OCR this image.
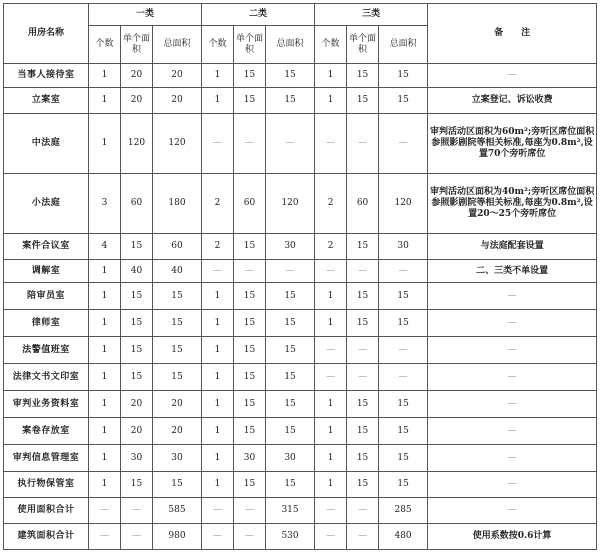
用房名称	一类			二类			三类			备　　注
	个数	单个面积	总面积	个数	单个面积	总面积	个数	单个面积	总面积	
当事人接待室	1	20	20	1	15	15	1	15	15	—
立案室	1	20	20	1	15	15	1	15	15	立案登记、诉讼收费
中法庭	1	120	120	—	—	—	—	—	—	审判活动区面积为60m²;旁听区席位面积参照影剧院等相关标准,每座为0.8m²,设置70个旁听席位
小法庭	3	60	180	2	60	120	2	60	120	审判活动区面积为40m²;旁听区席位面积参照影剧院等相关标准,每座为0.8m²,设置20～25个旁听席位
案件合议室	4	15	60	2	15	30	2	15	30	与法庭配套设置
调解室	1	40	40	—	—	—	—	—	—	二、三类不单设置
陪审员室	1	15	15	1	15	15	1	15	15	—
律师室	1	15	15	1	15	15	1	15	15	—
法警值班室	1	15	15	1	15	15	—	—	—	—
法律文书文印室	1	15	15	1	15	15	—	—	—	—
审判业务资料室	1	20	20	1	15	15	1	15	15	—
案卷存放室	1	20	20	1	15	15	1	15	15	—
审判信息管理室	1	30	30	1	30	30	1	15	15	—
执行物保管室	1	15	15	1	15	15	1	15	15	—
使用面积合计	—	—	585	—	—	315	—	—	285	—
建筑面积合计	—	—	980	—	—	530	—	—	480	使用系数按0.6计算
